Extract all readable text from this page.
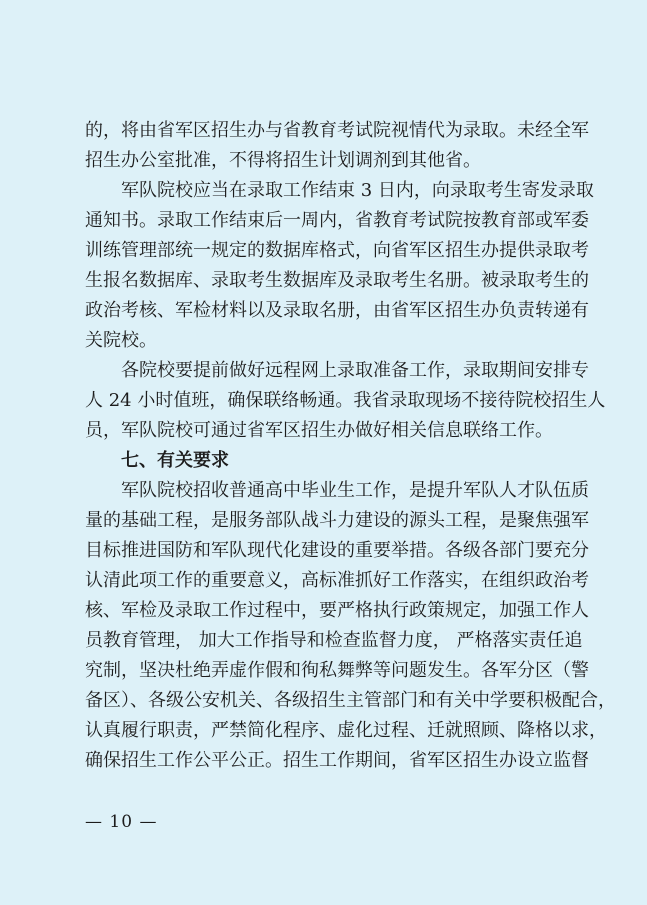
的，将由省军区招生办与省教育考试院视情代为录取。未经全军
招生办公室批准，不得将招生计划调剂到其他省。
军队院校应当在录取工作结束 3 日内，向录取考生寄发录取
通知书。录取工作结束后一周内，省教育考试院按教育部或军委
训练管理部统一规定的数据库格式，向省军区招生办提供录取考
生报名数据库、录取考生数据库及录取考生名册。被录取考生的
政治考核、军检材料以及录取名册，由省军区招生办负责转递有
关院校。
各院校要提前做好远程网上录取准备工作，录取期间安排专
人 24 小时值班，确保联络畅通。我省录取现场不接待院校招生人
员，军队院校可通过省军区招生办做好相关信息联络工作。
七、有关要求
军队院校招收普通高中毕业生工作，是提升军队人才队伍质
量的基础工程，是服务部队战斗力建设的源头工程，是聚焦强军
目标推进国防和军队现代化建设的重要举措。各级各部门要充分
认清此项工作的重要意义，高标准抓好工作落实，在组织政治考
核、军检及录取工作过程中，要严格执行政策规定，加强工作人
员教育管理， 加大工作指导和检查监督力度， 严格落实责任追
究制，坚决杜绝弄虚作假和徇私舞弊等问题发生。各军分区（警
备区）、各级公安机关、各级招生主管部门和有关中学要积极配合，
认真履行职责，严禁简化程序、虚化过程、迁就照顾、降格以求，
确保招生工作公平公正。招生工作期间，省军区招生办设立监督
— 10 —
